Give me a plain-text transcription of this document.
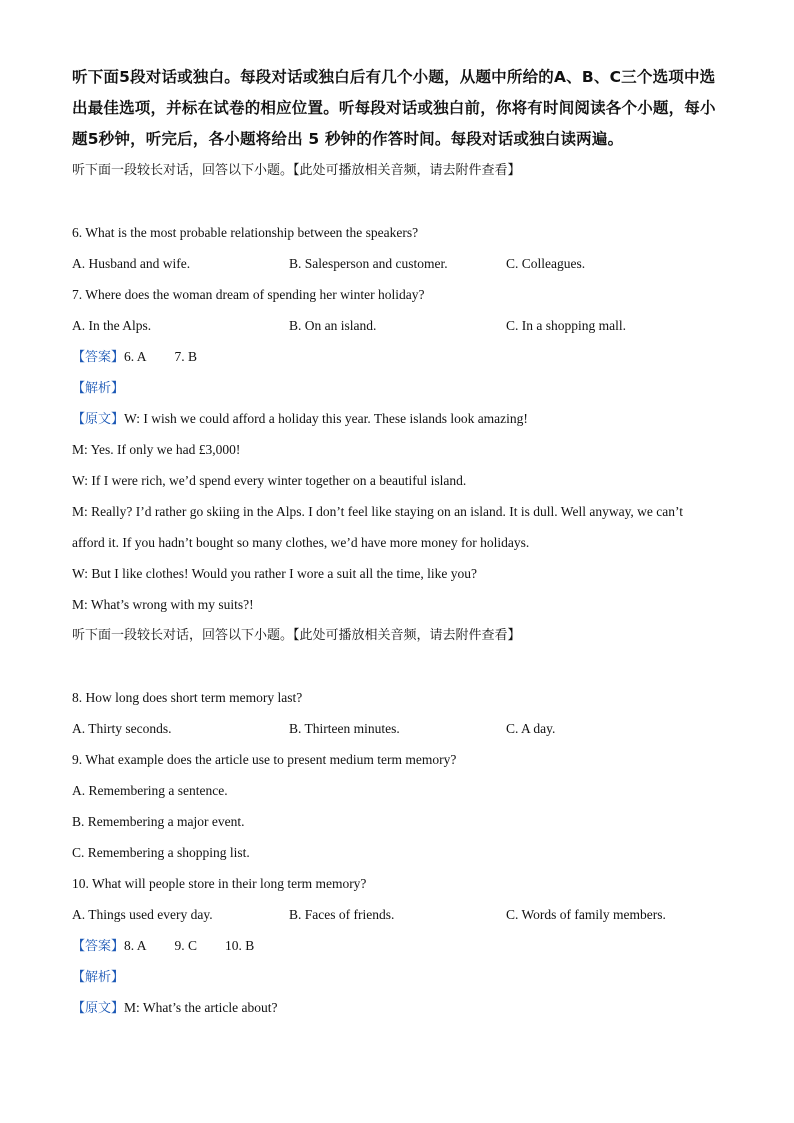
听下面5段对话或独白。每段对话或独白后有几个小题，从题中所给的A、B、C三个选项中选出最佳选项，并标在试卷的相应位置。听每段对话或独白前，你将有时间阅读各个小题，每小题5秒钟，听完后，各小题将给出 5 秒钟的作答时间。每段对话或独白读两遍。

听下面一段较长对话，回答以下小题。【此处可播放相关音频，请去附件查看】
6. What is the most probable relationship between the speakers?
A. Husband and wife.	B. Salesperson and customer.	C. Colleagues.
7. Where does the woman dream of spending her winter holiday?
A. In the Alps.	B. On an island.	C. In a shopping mall.
【答案】6. A 7. B
【解析】
【原文】W: I wish we could afford a holiday this year. These islands look amazing!
M: Yes. If only we had £3,000!
W: If I were rich, we’d spend every winter together on a beautiful island.
M: Really? I’d rather go skiing in the Alps. I don’t feel like staying on an island. It is dull. Well anyway, we can’t
afford it. If you hadn’t bought so many clothes, we’d have more money for holidays.
W: But I like clothes! Would you rather I wore a suit all the time, like you?
M: What’s wrong with my suits?!
听下面一段较长对话，回答以下小题。【此处可播放相关音频，请去附件查看】
8. How long does short term memory last?
A. Thirty seconds.	B. Thirteen minutes.	C. A day.
9. What example does the article use to present medium term memory?
A. Remembering a sentence.
B. Remembering a major event.
C. Remembering a shopping list.
10. What will people store in their long term memory?
A. Things used every day.	B. Faces of friends.	C. Words of family members.
【答案】8. A 9. C 10. B
【解析】
【原文】M: What’s the article about?
